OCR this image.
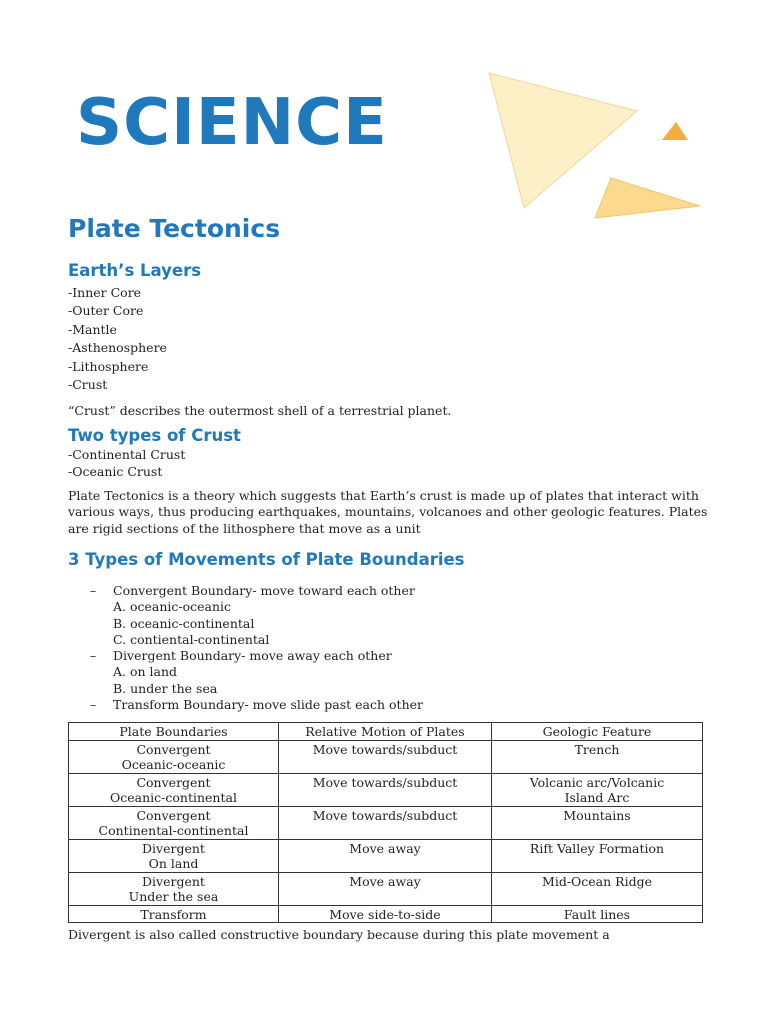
SCIENCE
Plate Tectonics
Earth’s Layers
-Inner Core
-Outer Core
-Mantle
-Asthenosphere
-Lithosphere
-Crust

“Crust” describes the outermost shell of a terrestrial planet.

Two types of Crust
-Continental Crust
-Oceanic Crust

Plate Tectonics is a theory which suggests that Earth’s crust is made up of plates that interact with various ways, thus producing earthquakes, mountains, volcanoes and other geologic features. Plates are rigid sections of the lithosphere that move as a unit

3 Types of Movements of Plate Boundaries
– Convergent Boundary- move toward each other
A. oceanic-oceanic
B. oceanic-continental
C. contiental-continental
– Divergent Boundary- move away each other
A. on land
B. under the sea
– Transform Boundary- move slide past each other
Plate Boundaries	Relative Motion of Plates	Geologic Feature

Convergent
Oceanic-oceanic	Move towards/subduct	Trench

Convergent
Oceanic-continental	Move towards/subduct	Volcanic arc/Volcanic
Island Arc

Convergent
Continental-continental	Move towards/subduct	Mountains

Divergent
On land	Move away	Rift Valley Formation

Divergent
Under the sea	Move away	Mid-Ocean Ridge

Transform	Move side-to-side	Fault lines

Divergent is also called constructive boundary because during this plate movement a
